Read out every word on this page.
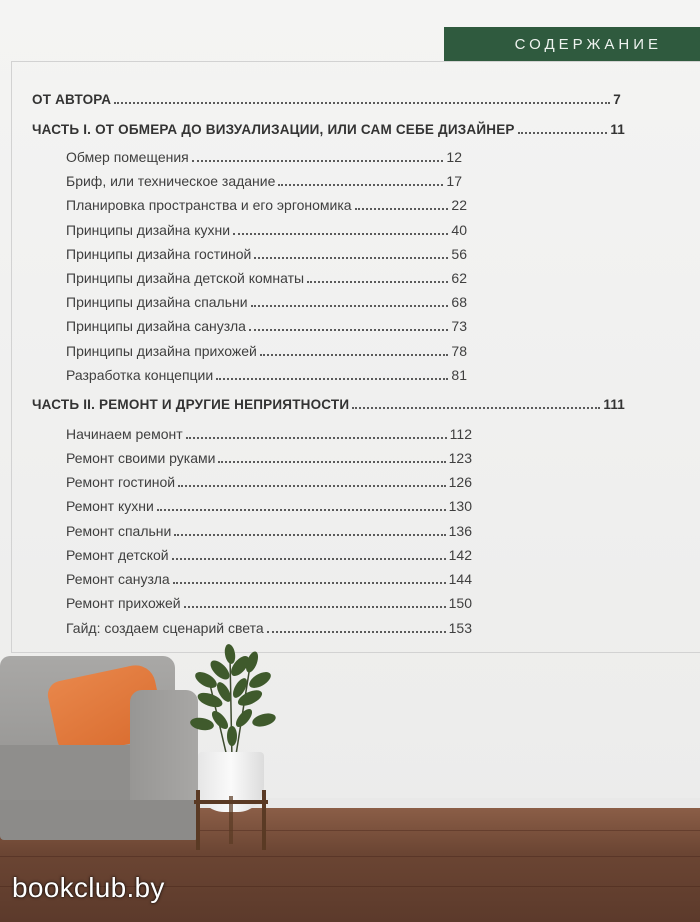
СОДЕРЖАНИЕ
ОТ АВТОРА	7
ЧАСТЬ I. ОТ ОБМЕРА ДО ВИЗУАЛИЗАЦИИ, ИЛИ САМ СЕБЕ ДИЗАЙНЕР	11
Обмер помещения	12
Бриф, или техническое задание	17
Планировка пространства и его эргономика	22
Принципы дизайна кухни	40
Принципы дизайна гостиной	56
Принципы дизайна детской комнаты	62
Принципы дизайна спальни	68
Принципы дизайна санузла	73
Принципы дизайна прихожей	78
Разработка концепции	81
ЧАСТЬ II. РЕМОНТ И ДРУГИЕ НЕПРИЯТНОСТИ	111
Начинаем ремонт	112
Ремонт своими руками	123
Ремонт гостиной	126
Ремонт кухни	130
Ремонт спальни	136
Ремонт детской	142
Ремонт санузла	144
Ремонт прихожей	150
Гайд: создаем сценарий света	153
bookclub.by
